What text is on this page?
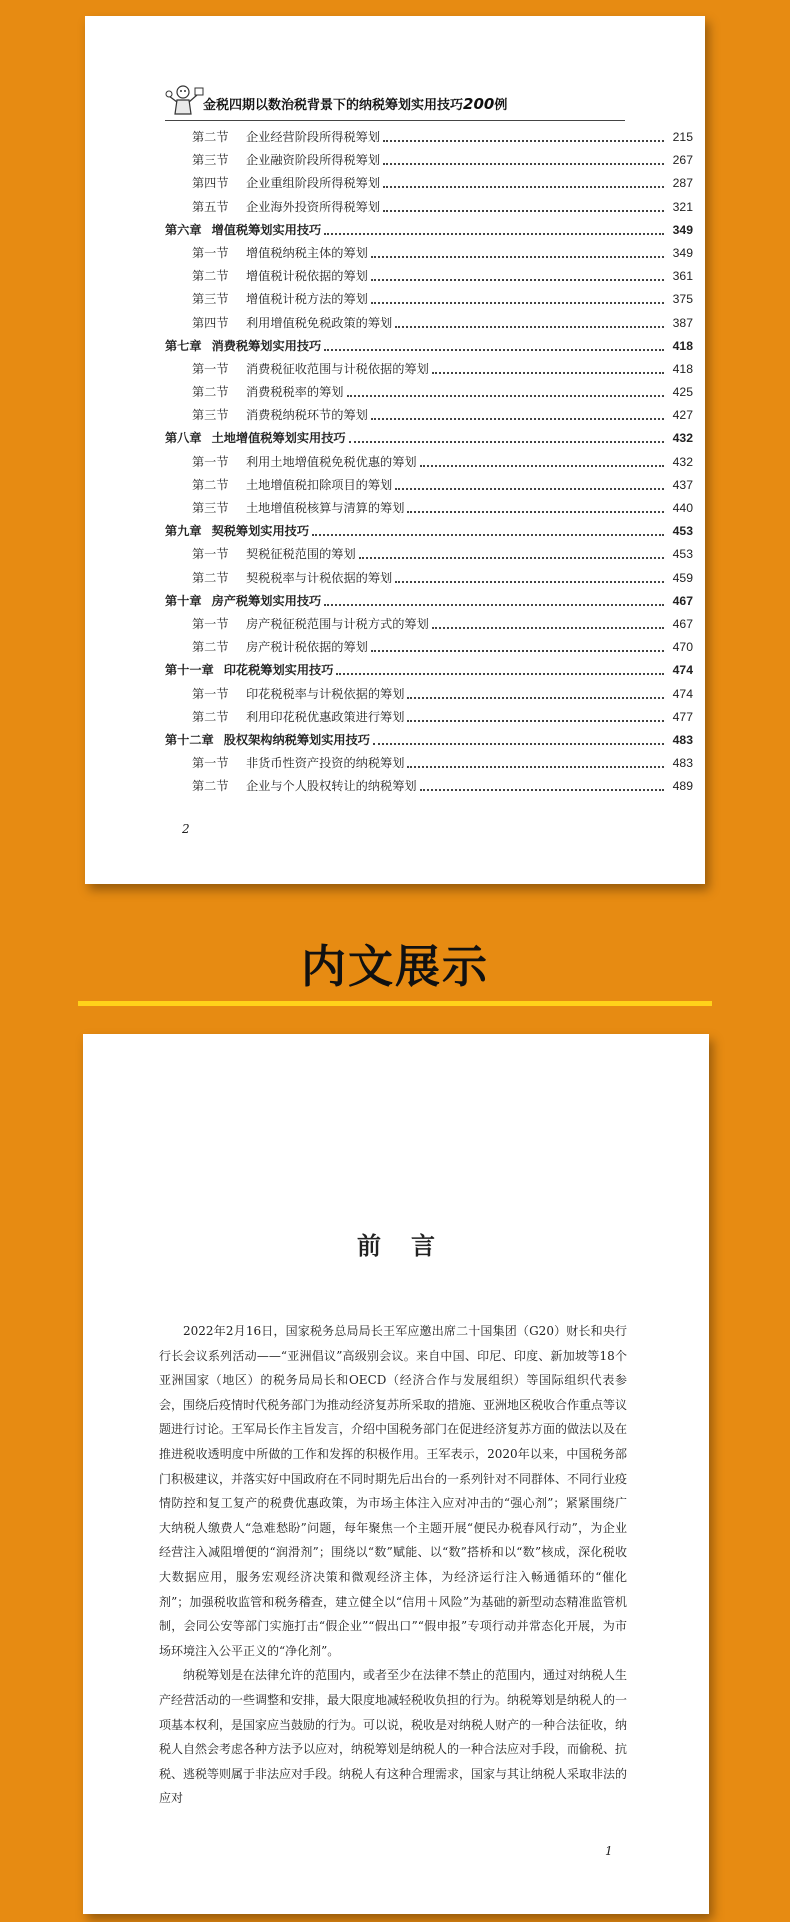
金税四期以数治税背景下的纳税筹划实用技巧200例
第二节	企业经营阶段所得税筹划	215
第三节	企业融资阶段所得税筹划	267
第四节	企业重组阶段所得税筹划	287
第五节	企业海外投资所得税筹划	321
第六章 增值税筹划实用技巧	349
第一节	增值税纳税主体的筹划	349
第二节	增值税计税依据的筹划	361
第三节	增值税计税方法的筹划	375
第四节	利用增值税免税政策的筹划	387
第七章 消费税筹划实用技巧	418
第一节	消费税征收范围与计税依据的筹划	418
第二节	消费税税率的筹划	425
第三节	消费税纳税环节的筹划	427
第八章 土地增值税筹划实用技巧	432
第一节	利用土地增值税免税优惠的筹划	432
第二节	土地增值税扣除项目的筹划	437
第三节	土地增值税核算与清算的筹划	440
第九章 契税筹划实用技巧	453
第一节	契税征税范围的筹划	453
第二节	契税税率与计税依据的筹划	459
第十章 房产税筹划实用技巧	467
第一节	房产税征税范围与计税方式的筹划	467
第二节	房产税计税依据的筹划	470
第十一章 印花税筹划实用技巧	474
第一节	印花税税率与计税依据的筹划	474
第二节	利用印花税优惠政策进行筹划	477
第十二章 股权架构纳税筹划实用技巧	483
第一节	非货币性资产投资的纳税筹划	483
第二节	企业与个人股权转让的纳税筹划	489
2
内文展示
前言

2022年2月16日，国家税务总局局长王军应邀出席二十国集团（G20）财长和央行行长会议系列活动——“亚洲倡议”高级别会议。来自中国、印尼、印度、新加坡等18个亚洲国家（地区）的税务局局长和OECD（经济合作与发展组织）等国际组织代表参会，围绕后疫情时代税务部门为推动经济复苏所采取的措施、亚洲地区税收合作重点等议题进行讨论。王军局长作主旨发言，介绍中国税务部门在促进经济复苏方面的做法以及在推进税收透明度中所做的工作和发挥的积极作用。王军表示，2020年以来，中国税务部门积极建议，并落实好中国政府在不同时期先后出台的一系列针对不同群体、不同行业疫情防控和复工复产的税费优惠政策，为市场主体注入应对冲击的“强心剂”；紧紧围绕广大纳税人缴费人“急难愁盼”问题，每年聚焦一个主题开展“便民办税春风行动”，为企业经营注入减阻增便的“润滑剂”；围绕以“数”赋能、以“数”搭桥和以“数”核成，深化税收大数据应用，服务宏观经济决策和微观经济主体，为经济运行注入畅通循环的“催化剂”；加强税收监管和税务稽查，建立健全以“信用＋风险”为基础的新型动态精准监管机制，会同公安等部门实施打击“假企业”“假出口”“假申报”专项行动并常态化开展，为市场环境注入公平正义的“净化剂”。

纳税筹划是在法律允许的范围内，或者至少在法律不禁止的范围内，通过对纳税人生产经营活动的一些调整和安排，最大限度地减轻税收负担的行为。纳税筹划是纳税人的一项基本权利，是国家应当鼓励的行为。可以说，税收是对纳税人财产的一种合法征收，纳税人自然会考虑各种方法予以应对，纳税筹划是纳税人的一种合法应对手段，而偷税、抗税、逃税等则属于非法应对手段。纳税人有这种合理需求，国家与其让纳税人采取非法的应对

1
